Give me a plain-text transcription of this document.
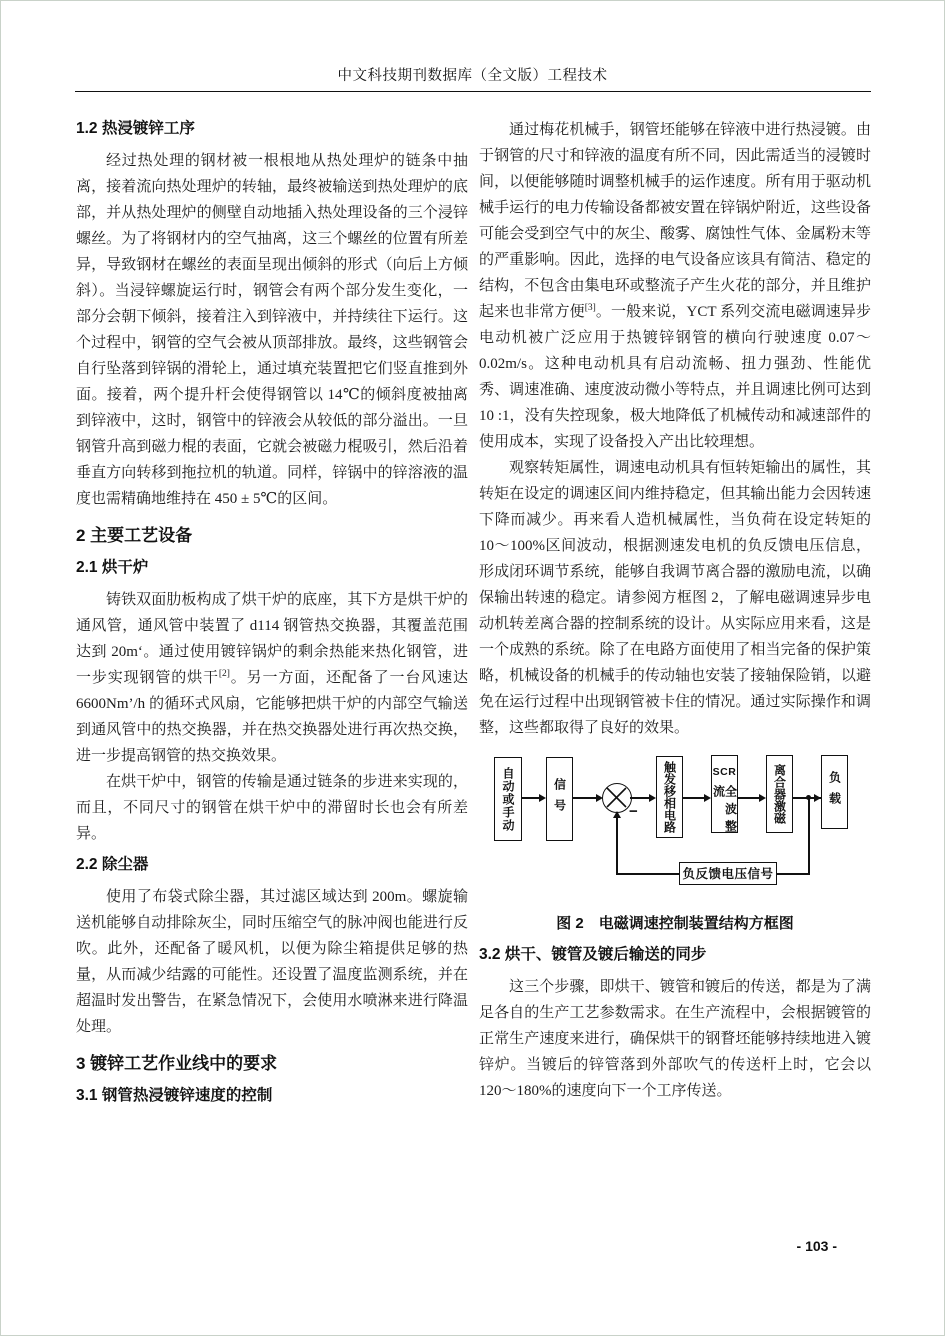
中文科技期刊数据库（全文版）工程技术
1.2 热浸镀锌工序

经过热处理的钢材被一根根地从热处理炉的链条中抽离，接着流向热处理炉的转轴，最终被输送到热处理炉的底部，并从热处理炉的侧壁自动地插入热处理设备的三个浸锌螺丝。为了将钢材内的空气抽离，这三个螺丝的位置有所差异，导致钢材在螺丝的表面呈现出倾斜的形式（向后上方倾斜）。当浸锌螺旋运行时，钢管会有两个部分发生变化，一部分会朝下倾斜，接着注入到锌液中，并持续往下运行。这个过程中，钢管的空气会被从顶部排放。最终，这些钢管会自行坠落到锌锅的滑轮上，通过填充装置把它们竖直推到外面。接着，两个提升杆会使得钢管以 14℃的倾斜度被抽离到锌液中，这时，钢管中的锌液会从较低的部分溢出。一旦钢管升高到磁力棍的表面，它就会被磁力棍吸引，然后沿着垂直方向转移到拖拉机的轨道。同样，锌锅中的锌溶液的温度也需精确地维持在 450 ± 5℃的区间。

2 主要工艺设备
2.1 烘干炉

铸铁双面肋板构成了烘干炉的底座，其下方是烘干炉的通风管，通风管中装置了 d114 钢管热交换器，其覆盖范围达到 20m‘。通过使用镀锌锅炉的剩余热能来热化钢管，进一步实现钢管的烘干[2]。另一方面，还配备了一台风速达 6600Nm’/h 的循环式风扇，它能够把烘干炉的内部空气输送到通风管中的热交换器，并在热交换器处进行再次热交换，进一步提高钢管的热交换效果。

在烘干炉中，钢管的传输是通过链条的步进来实现的，而且，不同尺寸的钢管在烘干炉中的滞留时长也会有所差异。

2.2 除尘器

使用了布袋式除尘器，其过滤区域达到 200m。螺旋输送机能够自动排除灰尘，同时压缩空气的脉冲阀也能进行反吹。此外，还配备了暖风机，以便为除尘箱提供足够的热量，从而减少结露的可能性。还设置了温度监测系统，并在超温时发出警告，在紧急情况下，会使用水喷淋来进行降温处理。

3 镀锌工艺作业线中的要求
3.1 钢管热浸镀锌速度的控制

通过梅花机械手，钢管坯能够在锌液中进行热浸镀。由于钢管的尺寸和锌液的温度有所不同，因此需适当的浸镀时间，以便能够随时调整机械手的运作速度。所有用于驱动机械手运行的电力传输设备都被安置在锌锅炉附近，这些设备可能会受到空气中的灰尘、酸雾、腐蚀性气体、金属粉末等的严重影响。因此，选择的电气设备应该具有简洁、稳定的结构，不包含由集电环或整流子产生火花的部分，并且维护起来也非常方便[3]。一般来说，YCT 系列交流电磁调速异步电动机被广泛应用于热镀锌钢管的横向行驶速度 0.07～0.02m/s。这种电动机具有启动流畅、扭力强劲、性能优秀、调速准确、速度波动微小等特点，并且调速比例可达到 10 :1，没有失控现象，极大地降低了机械传动和减速部件的使用成本，实现了设备投入产出比较理想。

观察转矩属性，调速电动机具有恒转矩输出的属性，其转矩在设定的调速区间内维持稳定，但其输出能力会因转速下降而减少。再来看人造机械属性，当负荷在设定转矩的 10～100%区间波动，根据测速发电机的负反馈电压信息，形成闭环调节系统，能够自我调节离合器的激励电流，以确保输出转速的稳定。请参阅方框图 2，了解电磁调速异步电动机转差离合器的控制系统的设计。从实际应用来看，这是一个成熟的系统。除了在电路方面使用了相当完备的保护策略，机械设备的机械手的传动轴也安装了接轴保险销，以避免在运行过程中出现钢管被卡住的情况。通过实际操作和调整，这些都取得了良好的效果。

自动或手动	信号	− 触发移相电路	SCR
全波整流	离合器激磁	负载
负反馈电压信号
图 2　电磁调速控制装置结构方框图
3.2 烘干、镀管及镀后输送的同步

这三个步骤，即烘干、镀管和镀后的传送，都是为了满足各自的生产工艺参数需求。在生产流程中，会根据镀管的正常生产速度来进行，确保烘干的钢瞀坯能够持续地进入镀锌炉。当镀后的锌管落到外部吹气的传送杆上时，它会以 120～180%的速度向下一个工序传送。

- 103 -
